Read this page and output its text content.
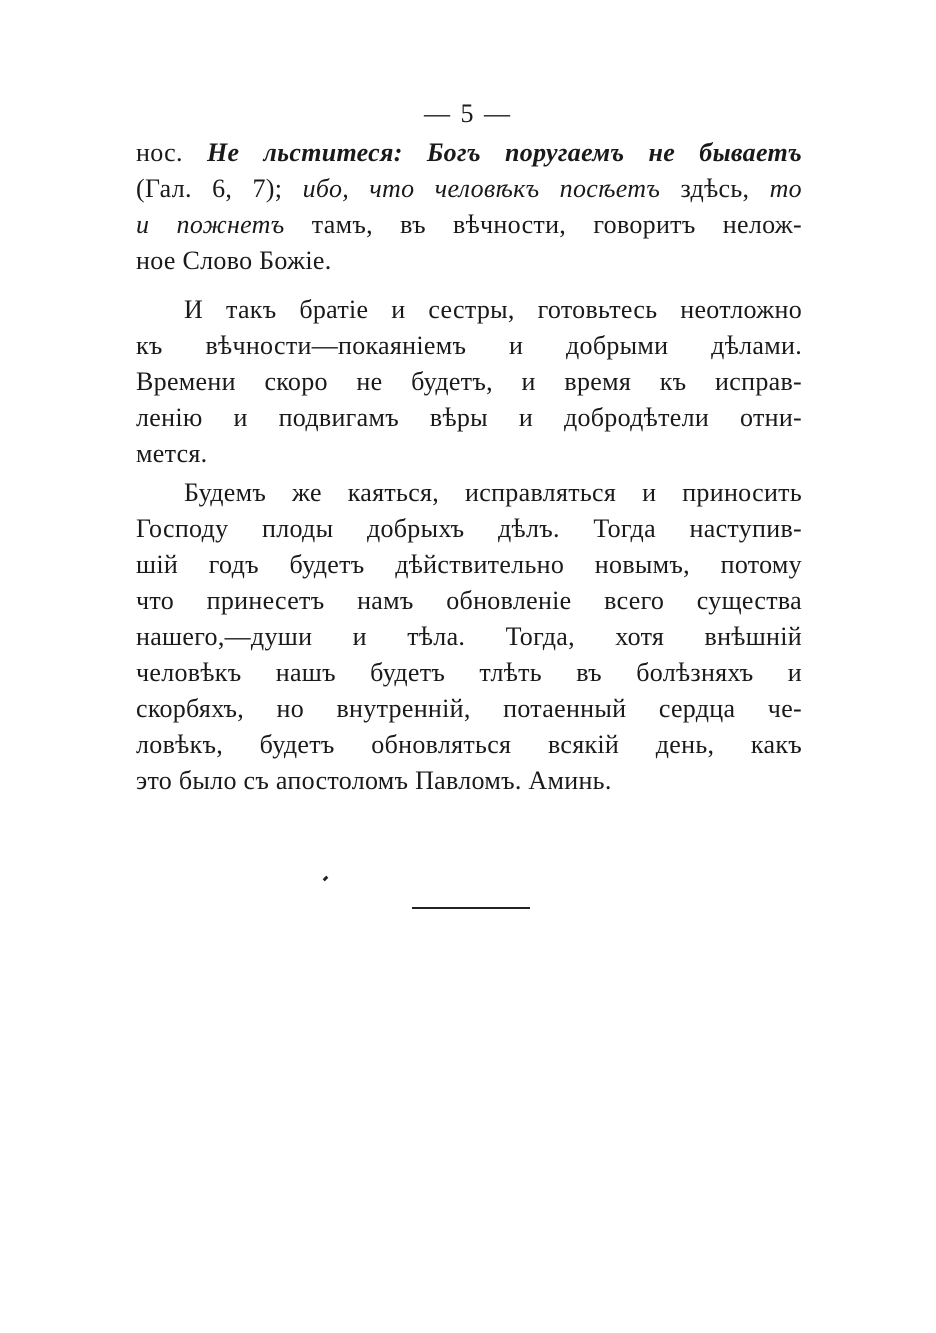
— 5 —
нос. Не льститеся: Богъ поругаемъ не бываетъ
(Гал. 6, 7); ибо, что человѣкъ посѣетъ здѣсь, то
и пожнетъ тамъ, въ вѣчности, говоритъ нелож-
ное Слово Божіе.
И такъ братіе и сестры, готовьтесь неотложно
къ вѣчности—покаяніемъ и добрыми дѣлами.
Времени скоро не будетъ, и время къ исправ-
ленію и подвигамъ вѣры и добродѣтели отни-
мется.
Будемъ же каяться, исправляться и приносить
Господу плоды добрыхъ дѣлъ. Тогда наступив-
шій годъ будетъ дѣйствительно новымъ, потому
что принесетъ намъ обновленіе всего существа
нашего,—души и тѣла. Тогда, хотя внѣшній
человѣкъ нашъ будетъ тлѣть въ болѣзняхъ и
скорбяхъ, но внутренній, потаенный сердца че-
ловѣкъ, будетъ обновляться всякій день, какъ
это было съ апостоломъ Павломъ. Аминь.
